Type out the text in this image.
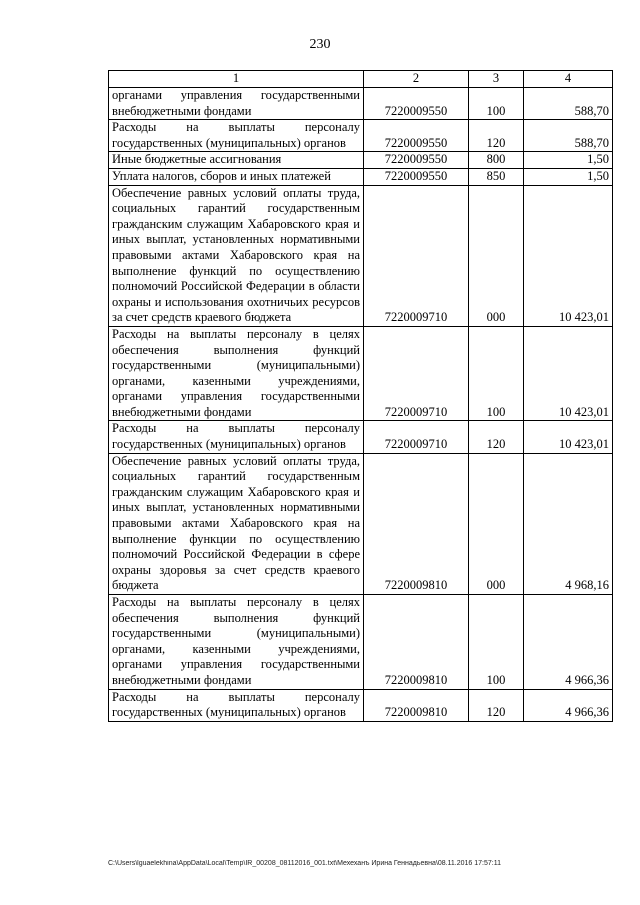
230
1	2	3	4
органами управления государственными внебюджетными фондами	7220009550	100	588,70
Расходы на выплаты персоналу государственных (муниципальных) органов	7220009550	120	588,70
Иные бюджетные ассигнования	7220009550	800	1,50
Уплата налогов, сборов и иных платежей	7220009550	850	1,50
Обеспечение равных условий оплаты труда, социальных гарантий государственным гражданским служащим Хабаровского края и иных выплат, установленных нормативными правовыми актами Хабаровского края на выполнение функций по осуществлению полномочий Российской Федерации в области охраны и использования охотничьих ресурсов за счет средств краевого бюджета	7220009710	000	10 423,01
Расходы на выплаты персоналу в целях обеспечения выполнения функций государственными (муниципальными) органами, казенными учреждениями, органами управления государственными внебюджетными фондами	7220009710	100	10 423,01
Расходы на выплаты персоналу государственных (муниципальных) органов	7220009710	120	10 423,01
Обеспечение равных условий оплаты труда, социальных гарантий государственным гражданским служащим Хабаровского края и иных выплат, установленных нормативными правовыми актами Хабаровского края на выполнение функции по осуществлению полномочий Российской Федерации в сфере охраны здоровья за счет средств краевого бюджета	7220009810	000	4 968,16
Расходы на выплаты персоналу в целях обеспечения выполнения функций государственными (муниципальными) органами, казенными учреждениями, органами управления государственными внебюджетными фондами	7220009810	100	4 966,36
Расходы на выплаты персоналу государственных (муниципальных) органов	7220009810	120	4 966,36
C:\Users\lguaelekhina\AppData\Local\Temp\IR_00208_08112016_001.txt\Мехеханъ Ирина Геннадьевна\08.11.2016 17:57:11
